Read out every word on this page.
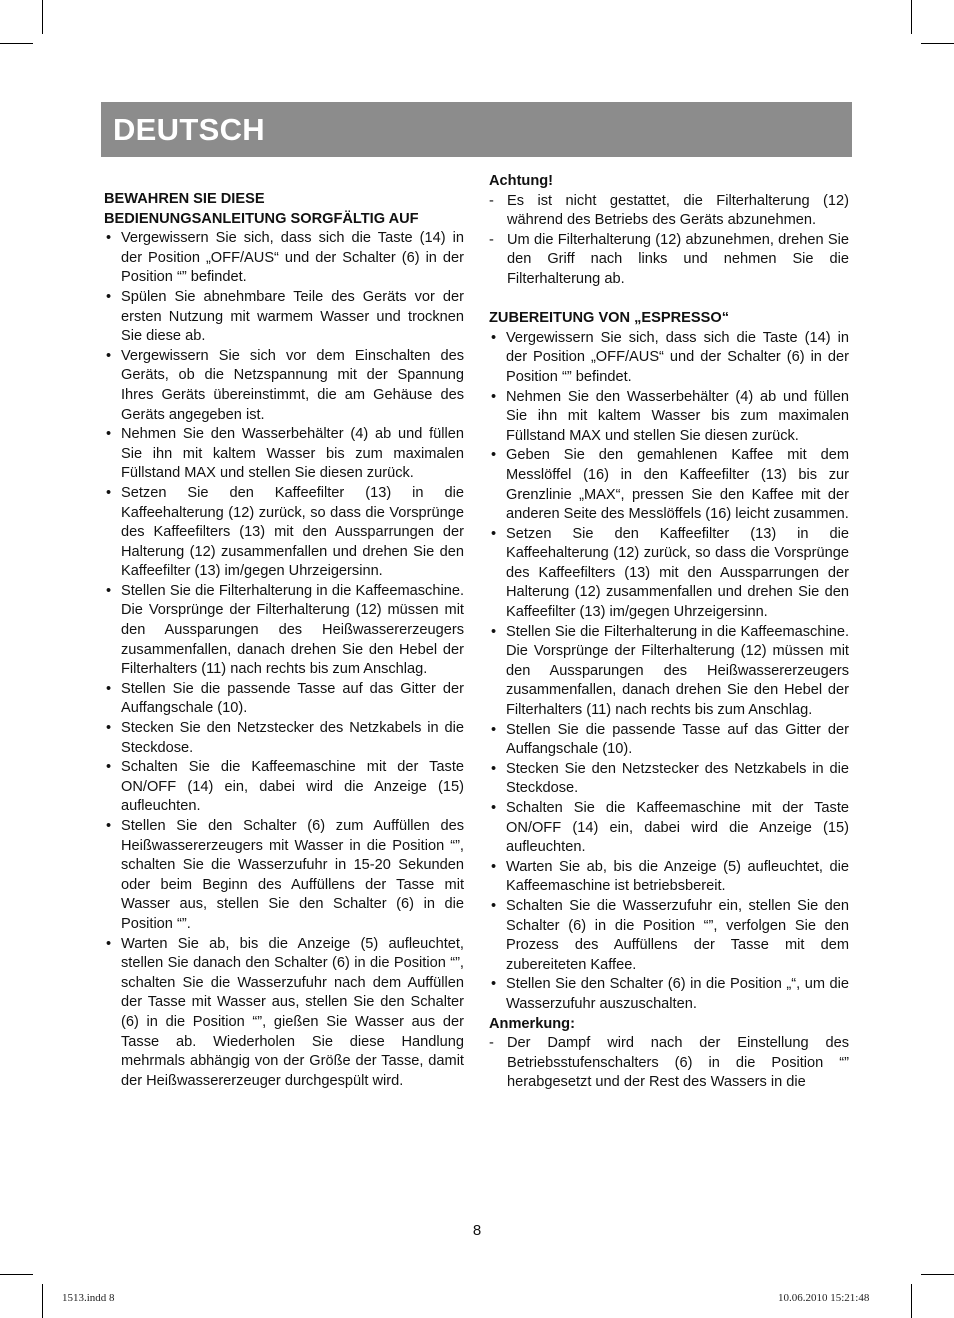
DEUTSCH
BEWAHREN SIE DIESE
BEDIENUNGSANLEITUNG SORGFÄLTIG AUF
• Vergewissern Sie sich, dass sich die Taste (14) in der Position „OFF/AUS“ und der Schalter (6) in der Position “” befindet.
• Spülen Sie abnehmbare Teile des Geräts vor der ersten Nutzung mit warmem Wasser und trocknen Sie diese ab.
• Vergewissern Sie sich vor dem Einschalten des Geräts, ob die Netzspannung mit der Spannung Ihres Geräts übereinstimmt, die am Gehäuse des Geräts angegeben ist.
• Nehmen Sie den Wasserbehälter (4) ab und füllen Sie ihn mit kaltem Wasser bis zum maximalen Füllstand MAX und stellen Sie diesen zurück.
• Setzen Sie den Kaffeefilter (13) in die Kaffeehalterung (12) zurück, so dass die Vorsprünge des Kaffeefilters (13) mit den Aussparrungen der Halterung (12) zusammenfallen und drehen Sie den Kaffeefilter (13) im/gegen Uhrzeigersinn.
• Stellen Sie die Filterhalterung in die Kaffeemaschine. Die Vorsprünge der Filterhalterung (12) müssen mit den Aussparungen des Heißwassererzeugers zusammenfallen, danach drehen Sie den Hebel der Filterhalters (11) nach rechts bis zum Anschlag.
• Stellen Sie die passende Tasse auf das Gitter der Auffangschale (10).
• Stecken Sie den Netzstecker des Netzkabels in die Steckdose.
• Schalten Sie die Kaffeemaschine mit der Taste ON/OFF (14) ein, dabei wird die Anzeige (15) aufleuchten.
• Stellen Sie den Schalter (6) zum Auffüllen des Heißwassererzeugers mit Wasser in die Position “”, schalten Sie die Wasserzufuhr in 15-20 Sekunden oder beim Beginn des Auffüllens der Tasse mit Wasser aus, stellen Sie den Schalter (6) in die Position “”.
• Warten Sie ab, bis die Anzeige (5) aufleuchtet, stellen Sie danach den Schalter (6) in die Position “”, schalten Sie die Wasserzufuhr nach dem Auffüllen der Tasse mit Wasser aus, stellen Sie den Schalter (6) in die Position “”, gießen Sie Wasser aus der Tasse ab. Wiederholen Sie diese Handlung mehrmals abhängig von der Größe der Tasse, damit der Heißwassererzeuger durchgespült wird.
Achtung!
- Es ist nicht gestattet, die Filterhalterung (12) während des Betriebs des Geräts abzunehmen.
- Um die Filterhalterung (12) abzunehmen, drehen Sie den Griff nach links und nehmen Sie die Filterhalterung ab.
ZUBEREITUNG VON „ESPRESSO“
• Vergewissern Sie sich, dass sich die Taste (14) in der Position „OFF/AUS“ und der Schalter (6) in der Position “” befindet.
• Nehmen Sie den Wasserbehälter (4) ab und füllen Sie ihn mit kaltem Wasser bis zum maximalen Füllstand MAX und stellen Sie diesen zurück.
• Geben Sie den gemahlenen Kaffee mit dem Messlöffel (16) in den Kaffeefilter (13) bis zur Grenzlinie „MAX“, pressen Sie den Kaffee mit der anderen Seite des Messlöffels (16) leicht zusammen.
• Setzen Sie den Kaffeefilter (13) in die Kaffeehalterung (12) zurück, so dass die Vorsprünge des Kaffeefilters (13) mit den Aussparrungen der Halterung (12) zusammenfallen und drehen Sie den Kaffeefilter (13) im/gegen Uhrzeigersinn.
• Stellen Sie die Filterhalterung in die Kaffeemaschine. Die Vorsprünge der Filterhalterung (12) müssen mit den Aussparungen des Heißwassererzeugers zusammenfallen, danach drehen Sie den Hebel der Filterhalters (11) nach rechts bis zum Anschlag.
• Stellen Sie die passende Tasse auf das Gitter der Auffangschale (10).
• Stecken Sie den Netzstecker des Netzkabels in die Steckdose.
• Schalten Sie die Kaffeemaschine mit der Taste ON/OFF (14) ein, dabei wird die Anzeige (15) aufleuchten.
• Warten Sie ab, bis die Anzeige (5) aufleuchtet, die Kaffeemaschine ist betriebsbereit.
• Schalten Sie die Wasserzufuhr ein, stellen Sie den Schalter (6) in die Position “”, verfolgen Sie den Prozess des Auffüllens der Tasse mit dem zubereiteten Kaffee.
• Stellen Sie den Schalter (6) in die Position „“, um die Wasserzufuhr auszuschalten.
Anmerkung:
- Der Dampf wird nach der Einstellung des Betriebsstufenschalters (6) in die Position “” herabgesetzt und der Rest des Wassers in die
8
1513.indd 8	10.06.2010 15:21:48
